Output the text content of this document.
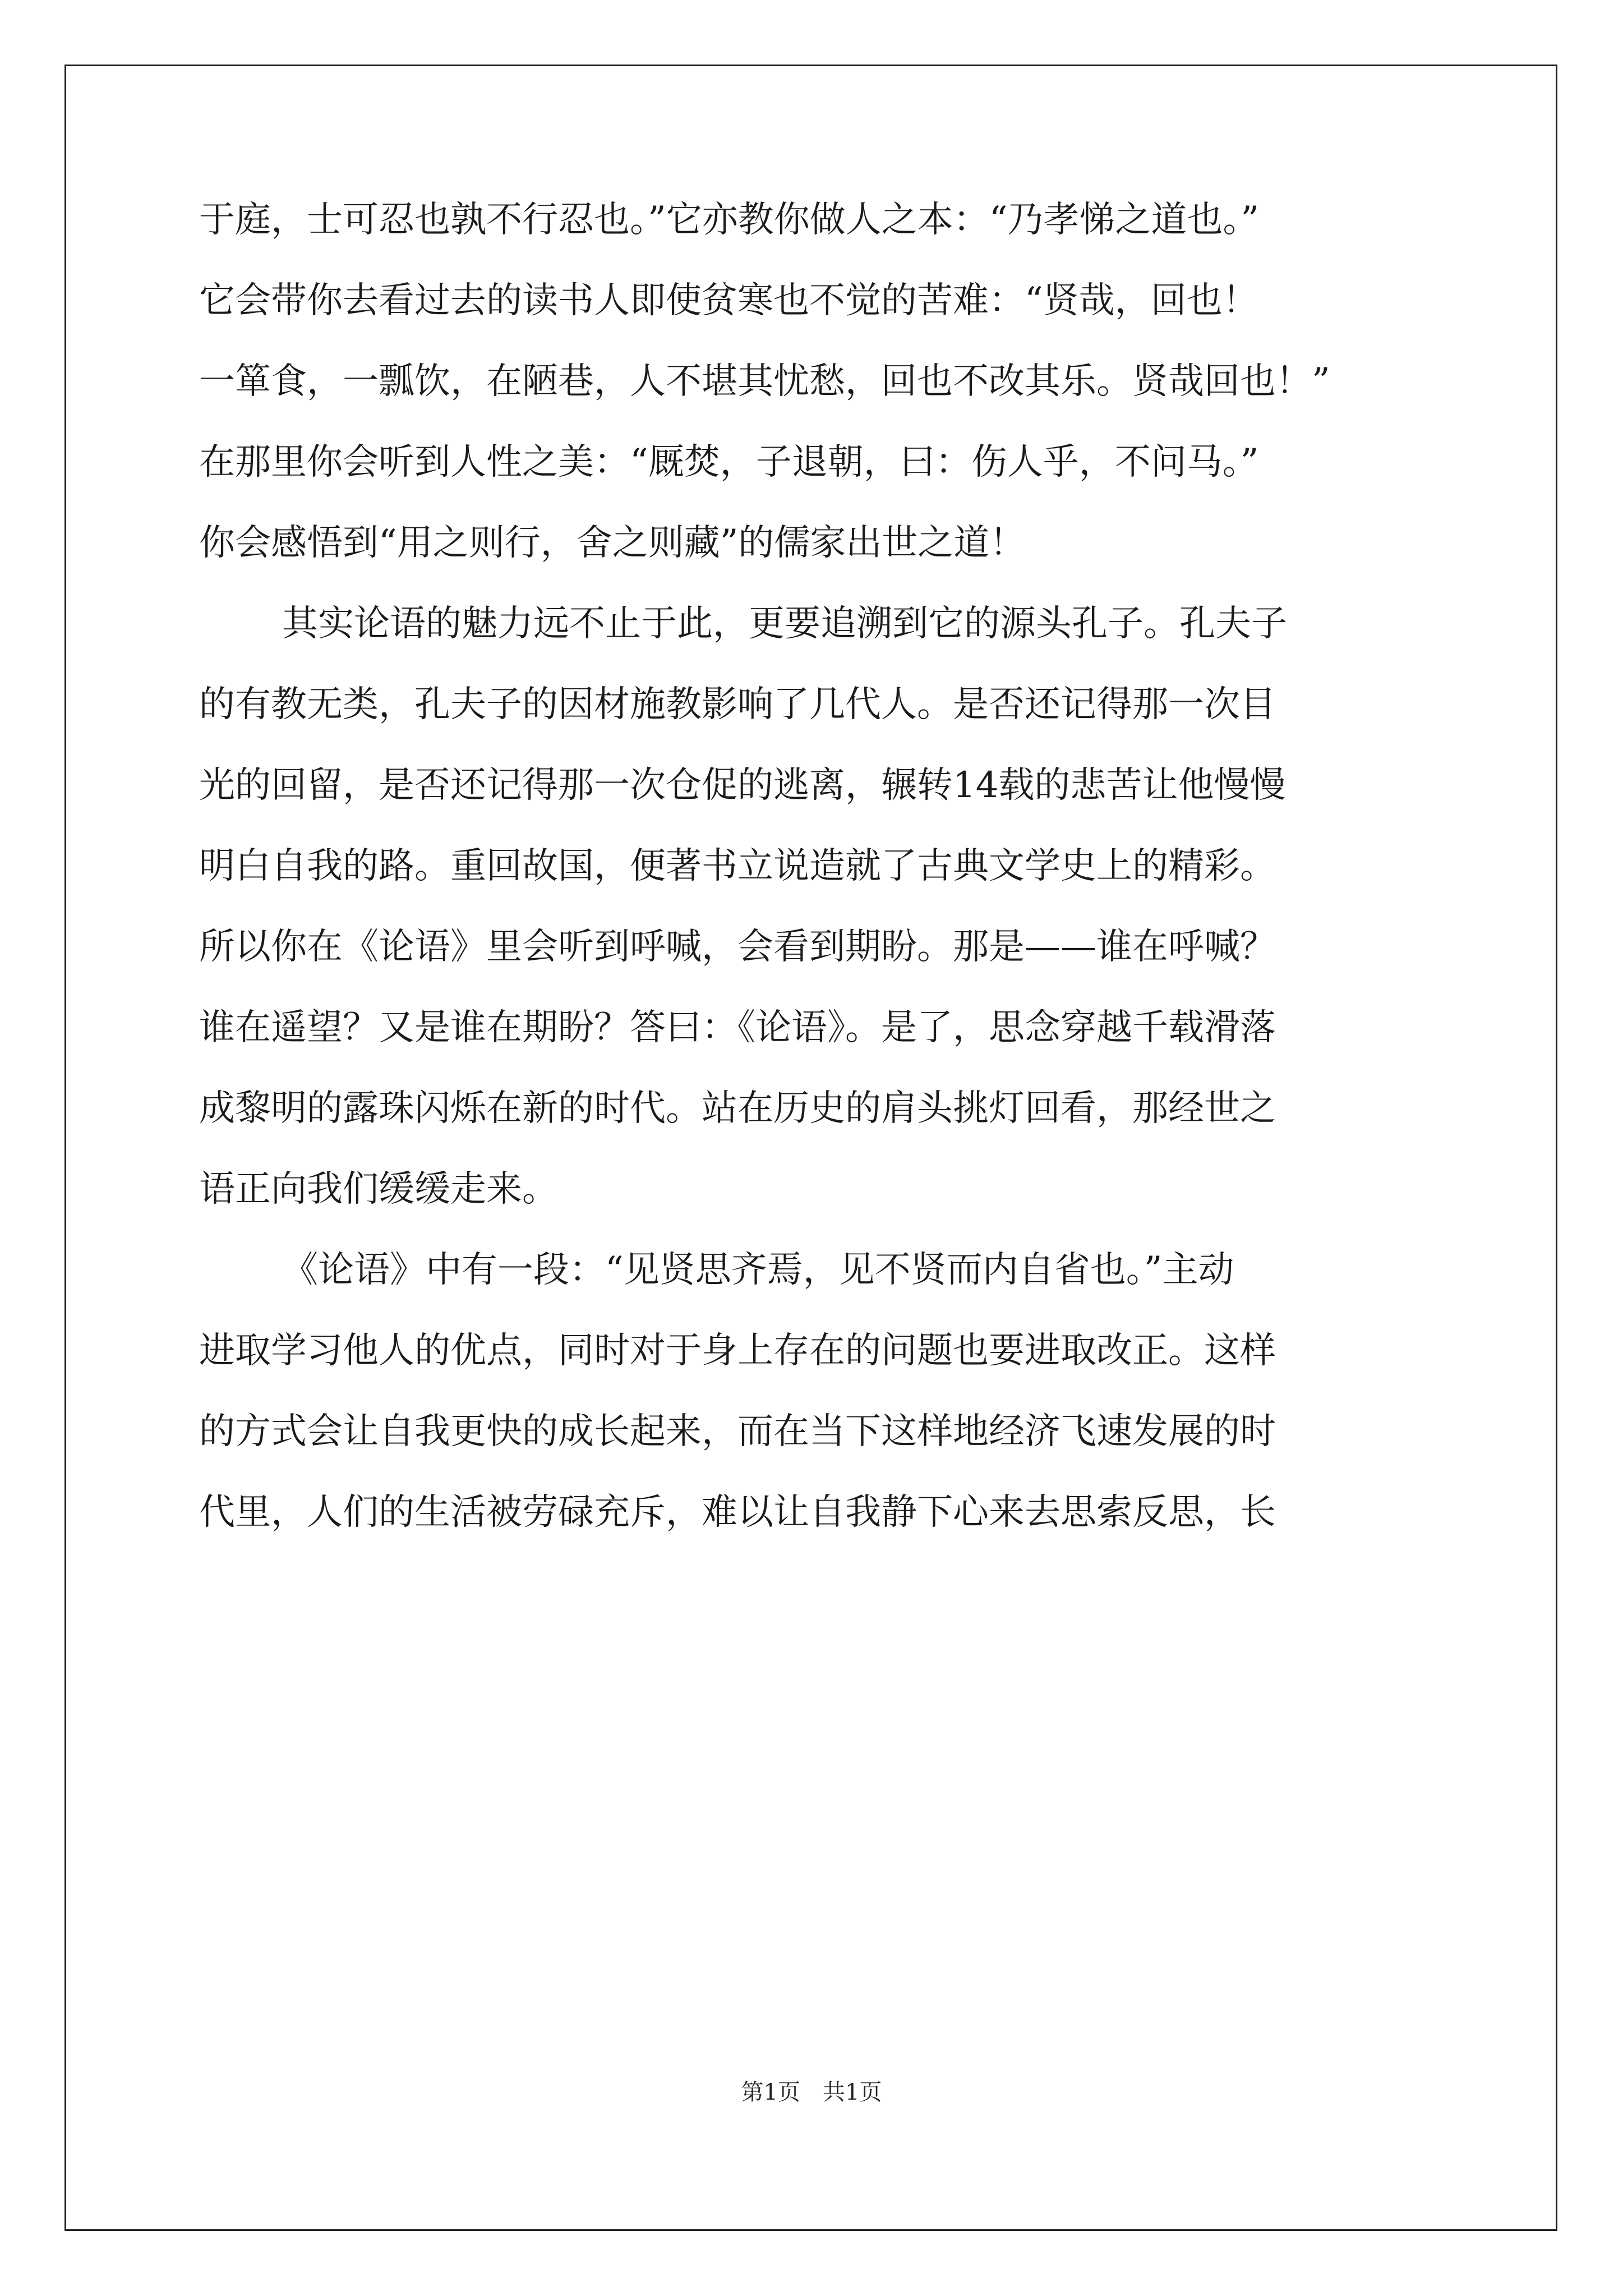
于庭，士可忍也孰不行忍也。”它亦教你做人之本：“乃孝悌之道也。”
它会带你去看过去的读书人即使贫寒也不觉的苦难：“贤哉，回也！
一箪食，一瓢饮，在陋巷，人不堪其忧愁，回也不改其乐。贤哉回也！”
在那里你会听到人性之美：“厩焚，子退朝，曰：伤人乎，不问马。”
你会感悟到“用之则行，舍之则藏”的儒家出世之道！
其实论语的魅力远不止于此，更要追溯到它的源头孔子。孔夫子
的有教无类，孔夫子的因材施教影响了几代人。是否还记得那一次目
光的回留，是否还记得那一次仓促的逃离，辗转14载的悲苦让他慢慢
明白自我的路。重回故国，便著书立说造就了古典文学史上的精彩。
所以你在《论语》里会听到呼喊，会看到期盼。那是——谁在呼喊？
谁在遥望？又是谁在期盼？答曰：《论语》。是了，思念穿越千载滑落
成黎明的露珠闪烁在新的时代。站在历史的肩头挑灯回看，那经世之
语正向我们缓缓走来。
《论语》中有一段：“见贤思齐焉，见不贤而内自省也。”主动
进取学习他人的优点，同时对于身上存在的问题也要进取改正。这样
的方式会让自我更快的成长起来，而在当下这样地经济飞速发展的时
代里，人们的生活被劳碌充斥，难以让自我静下心来去思索反思，长
第1页 共1页
